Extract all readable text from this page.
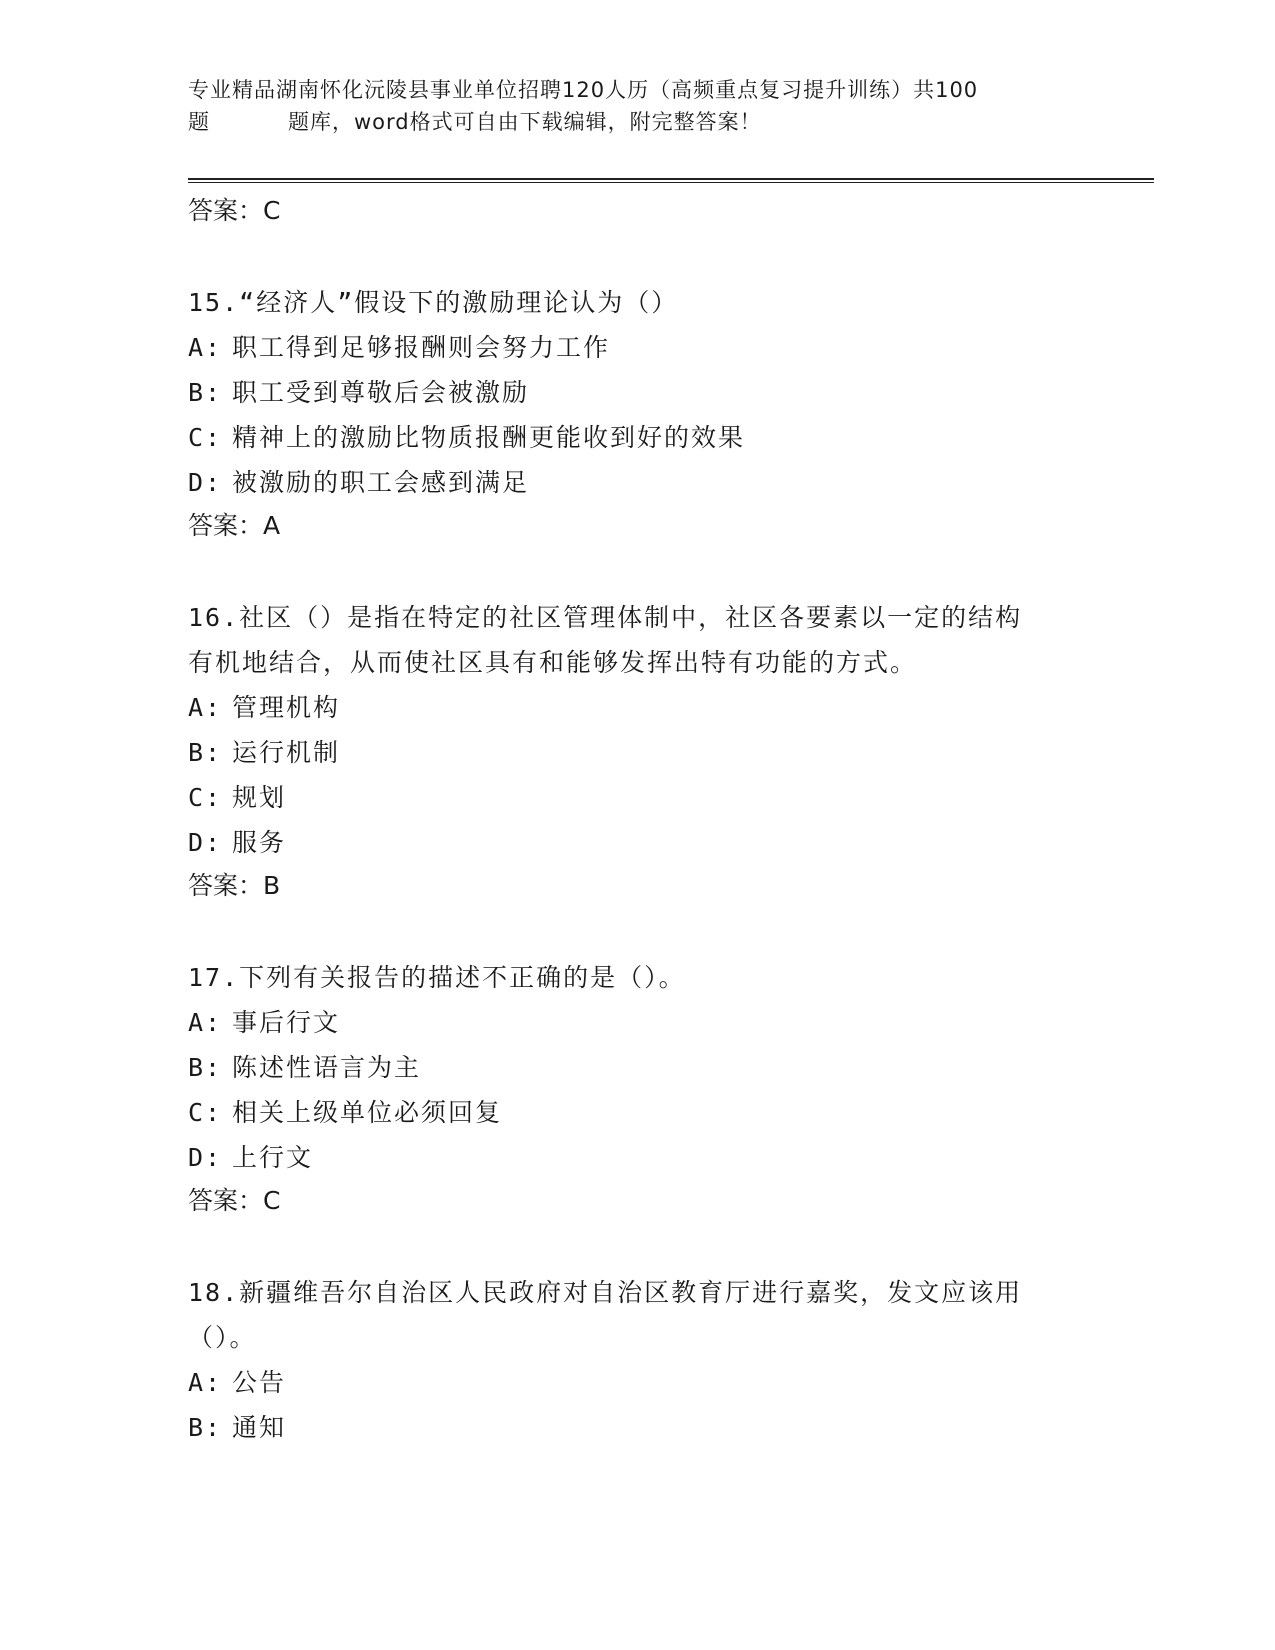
专业精品湖南怀化沅陵县事业单位招聘120人历（高频重点复习提升训练）共100
题	题库，word格式可自由下载编辑，附完整答案！
答案：C
15.“经济人”假设下的激励理论认为（）
A: 职工得到足够报酬则会努力工作
B: 职工受到尊敬后会被激励
C: 精神上的激励比物质报酬更能收到好的效果
D: 被激励的职工会感到满足
答案：A
16.社区（）是指在特定的社区管理体制中，社区各要素以一定的结构
有机地结合，从而使社区具有和能够发挥出特有功能的方式。
A: 管理机构
B: 运行机制
C: 规划
D: 服务
答案：B
17.下列有关报告的描述不正确的是（）。
A: 事后行文
B: 陈述性语言为主
C: 相关上级单位必须回复
D: 上行文
答案：C
18.新疆维吾尔自治区人民政府对自治区教育厅进行嘉奖，发文应该用
（）。
A: 公告
B: 通知
